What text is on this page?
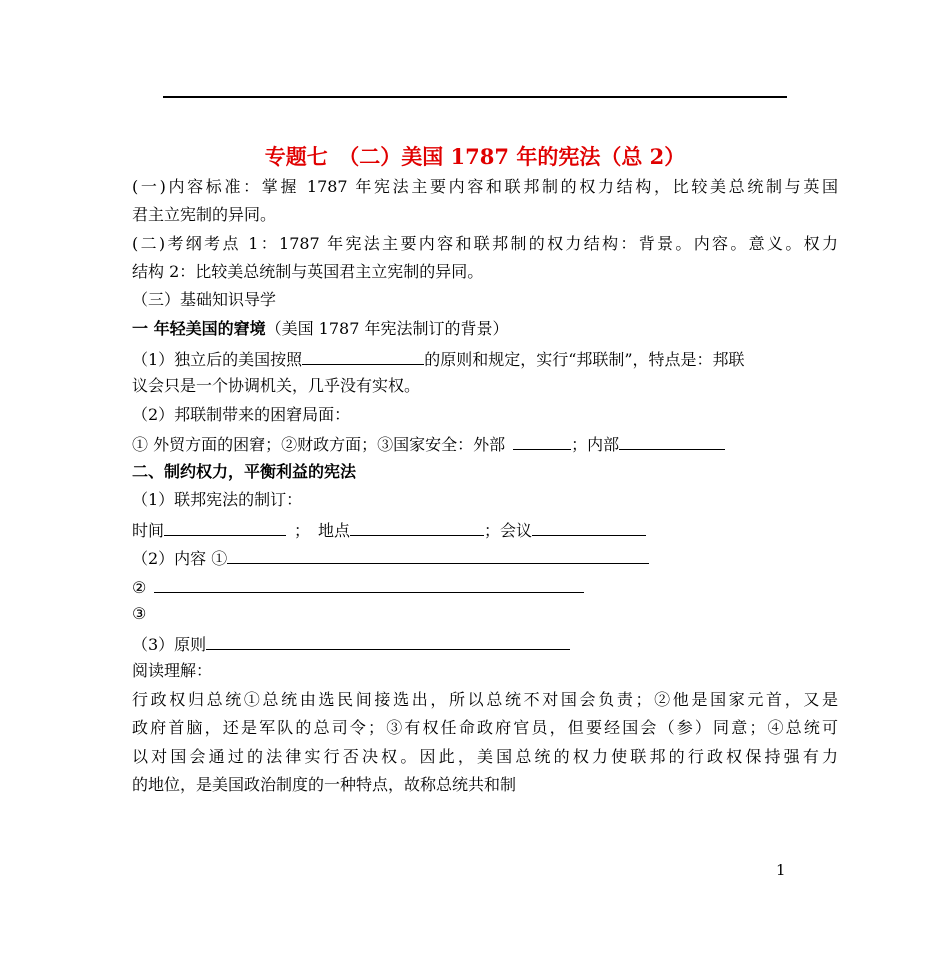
专题七　（二）美国 1787 年的宪法（总 2）
(一)内容标准：掌握 1787 年宪法主要内容和联邦制的权力结构，比较美总统制与英国
君主立宪制的异同。
(二)考纲考点 1：1787 年宪法主要内容和联邦制的权力结构：背景。内容。意义。权力
结构 2：比较美总统制与英国君主立宪制的异同。
（三）基础知识导学
一 年轻美国的窘境（美国 1787 年宪法制订的背景）
（1）独立后的美国按照	的原则和规定，实行“邦联制”，特点是：邦联
议会只是一个协调机关，几乎没有实权。
（2）邦联制带来的困窘局面：
① 外贸方面的困窘；②财政方面；③国家安全：外部 	；内部
二、制约权力，平衡利益的宪法
（1）联邦宪法的制订：
时间 	；　地点	；会议
（2）内容 ①
② 
③
（3）原则
阅读理解：
行政权归总统①总统由选民间接选出，所以总统不对国会负责；②他是国家元首，又是
政府首脑，还是军队的总司令；③有权任命政府官员，但要经国会（参）同意；④总统可
以对国会通过的法律实行否决权。因此，美国总统的权力使联邦的行政权保持强有力
的地位，是美国政治制度的一种特点，故称总统共和制
1
